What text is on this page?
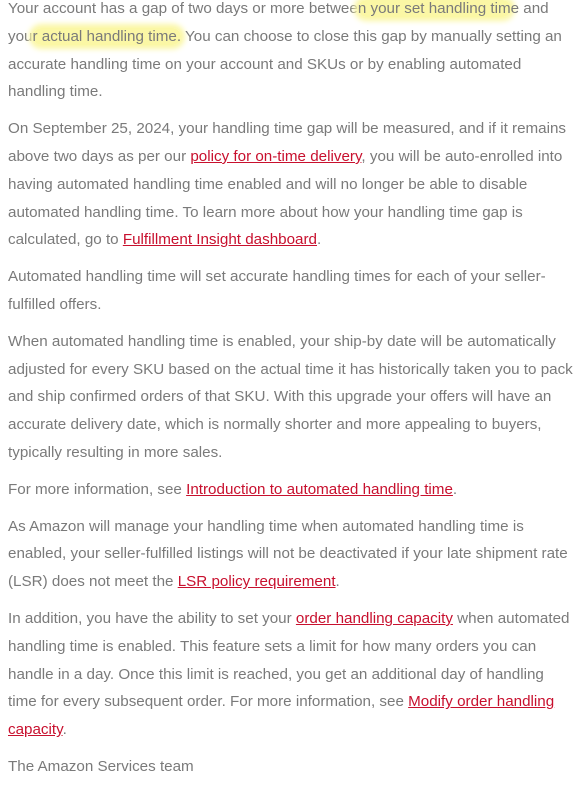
Your account has a gap of two days or more between your set handling time and your actual handling time. You can choose to close this gap by manually setting an accurate handling time on your account and SKUs or by enabling automated handling time.

On September 25, 2024, your handling time gap will be measured, and if it remains above two days as per our policy for on-time delivery, you will be auto-enrolled into having automated handling time enabled and will no longer be able to disable automated handling time. To learn more about how your handling time gap is calculated, go to Fulfillment Insight dashboard.

Automated handling time will set accurate handling times for each of your seller-fulfilled offers.

When automated handling time is enabled, your ship-by date will be automatically adjusted for every SKU based on the actual time it has historically taken you to pack and ship confirmed orders of that SKU. With this upgrade your offers will have an accurate delivery date, which is normally shorter and more appealing to buyers, typically resulting in more sales.

For more information, see Introduction to automated handling time.

As Amazon will manage your handling time when automated handling time is enabled, your seller-fulfilled listings will not be deactivated if your late shipment rate (LSR) does not meet the LSR policy requirement.

In addition, you have the ability to set your order handling capacity when automated handling time is enabled. This feature sets a limit for how many orders you can handle in a day. Once this limit is reached, you get an additional day of handling time for every subsequent order. For more information, see Modify order handling capacity.

The Amazon Services team
